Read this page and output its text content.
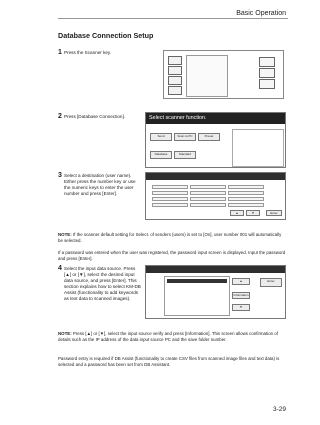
Basic Operation
Database Connection Setup
1 Press the Scanner key.
2 Press [Database Connection].	Select scanner function.
Send	Scan to PC	Preset
Database	Standard
3 Select a destination (user name). Either press the number key or use the numeric keys to enter the user number and press [Enter].
▲	▼	Enter
NOTE: If the scanner default setting for Select. of senders (users) is set to [On], user number 001 will automatically be selected.
If a password was entered when the user was registered, the password input screen is displayed. Input the password and press [Enter].
4 Select the input data source. Press [▲] or [▼], select the desired input data source, and press [Enter]. This section explains how to select KM-DB Assist (functionality to add keywords as text data to scanned images).
▲
Information
▼
Enter
NOTE: Press [▲] or [▼], select the input source verify and press [Information]. This screen allows confirmation of details such as the IP address of the data input source PC and the save folder number.
Password entry is required if DB Assist (functionality to create CSV files from scanned image files and text data) is selected and a password has been set from DB Assistant.
3-29
